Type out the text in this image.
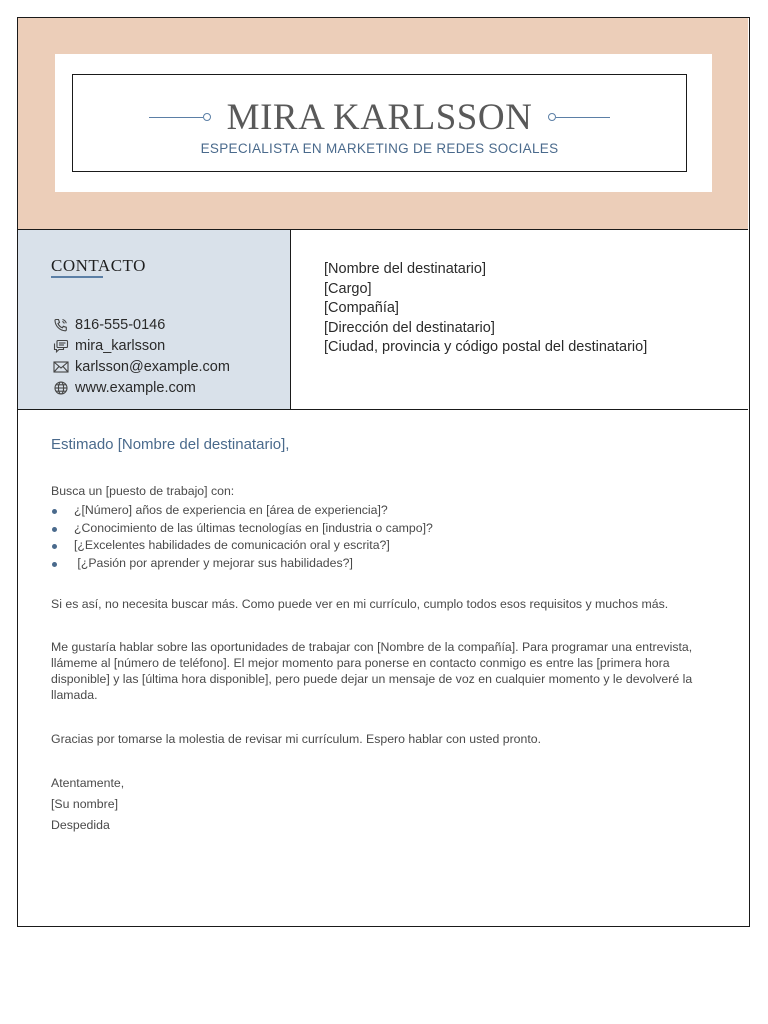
MIRA KARLSSON
ESPECIALISTA EN MARKETING DE REDES SOCIALES
CONTACTO
816-555-0146
mira_karlsson
karlsson@example.com
www.example.com
[Nombre del destinatario]
[Cargo]
[Compañía]
[Dirección del destinatario]
[Ciudad, provincia y código postal del destinatario]
Estimado [Nombre del destinatario],
Busca un [puesto de trabajo] con:
¿[Número] años de experiencia en [área de experiencia]?
¿Conocimiento de las últimas tecnologías en [industria o campo]?
[¿Excelentes habilidades de comunicación oral y escrita?]
[¿Pasión por aprender y mejorar sus habilidades?]
Si es así, no necesita buscar más. Como puede ver en mi currículo, cumplo todos esos requisitos y muchos más.
Me gustaría hablar sobre las oportunidades de trabajar con [Nombre de la compañía]. Para programar una entrevista, llámeme al [número de teléfono]. El mejor momento para ponerse en contacto conmigo es entre las [primera hora disponible] y las [última hora disponible], pero puede dejar un mensaje de voz en cualquier momento y le devolveré la llamada.
Gracias por tomarse la molestia de revisar mi currículum. Espero hablar con usted pronto.
Atentamente,
[Su nombre]
Despedida
